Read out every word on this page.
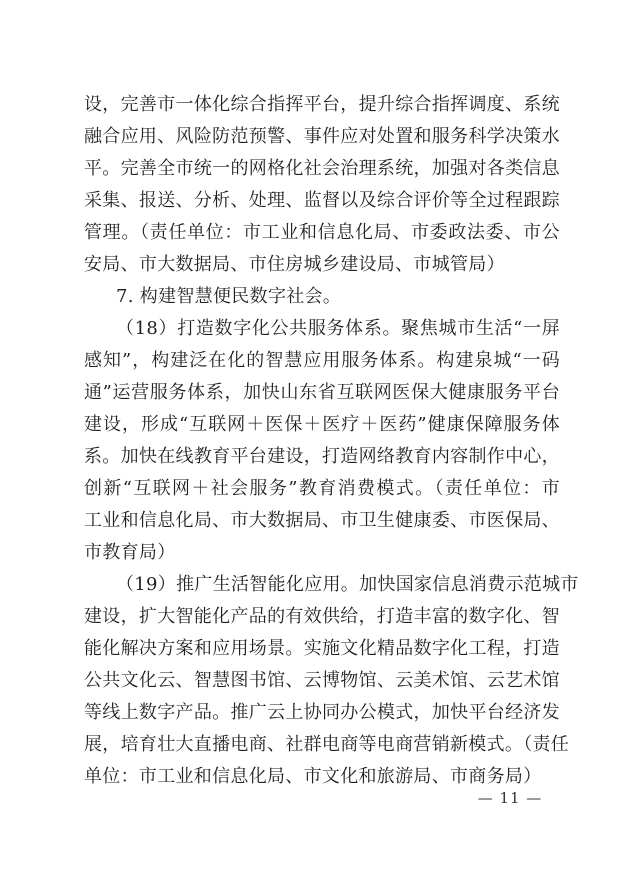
设，完善市一体化综合指挥平台，提升综合指挥调度、系统
融合应用、风险防范预警、事件应对处置和服务科学决策水
平。完善全市统一的网格化社会治理系统，加强对各类信息
采集、报送、分析、处理、监督以及综合评价等全过程跟踪
管理。（责任单位：市工业和信息化局、市委政法委、市公
安局、市大数据局、市住房城乡建设局、市城管局）
7. 构建智慧便民数字社会。
（18）打造数字化公共服务体系。聚焦城市生活“一屏
感知”，构建泛在化的智慧应用服务体系。构建泉城“一码
通”运营服务体系，加快山东省互联网医保大健康服务平台
建设，形成“互联网＋医保＋医疗＋医药”健康保障服务体
系。加快在线教育平台建设，打造网络教育内容制作中心，
创新“互联网＋社会服务”教育消费模式。（责任单位：市
工业和信息化局、市大数据局、市卫生健康委、市医保局、
市教育局）
（19）推广生活智能化应用。加快国家信息消费示范城市
建设，扩大智能化产品的有效供给，打造丰富的数字化、智
能化解决方案和应用场景。实施文化精品数字化工程，打造
公共文化云、智慧图书馆、云博物馆、云美术馆、云艺术馆
等线上数字产品。推广云上协同办公模式，加快平台经济发
展，培育壮大直播电商、社群电商等电商营销新模式。（责任
单位：市工业和信息化局、市文化和旅游局、市商务局）
— 11 —
